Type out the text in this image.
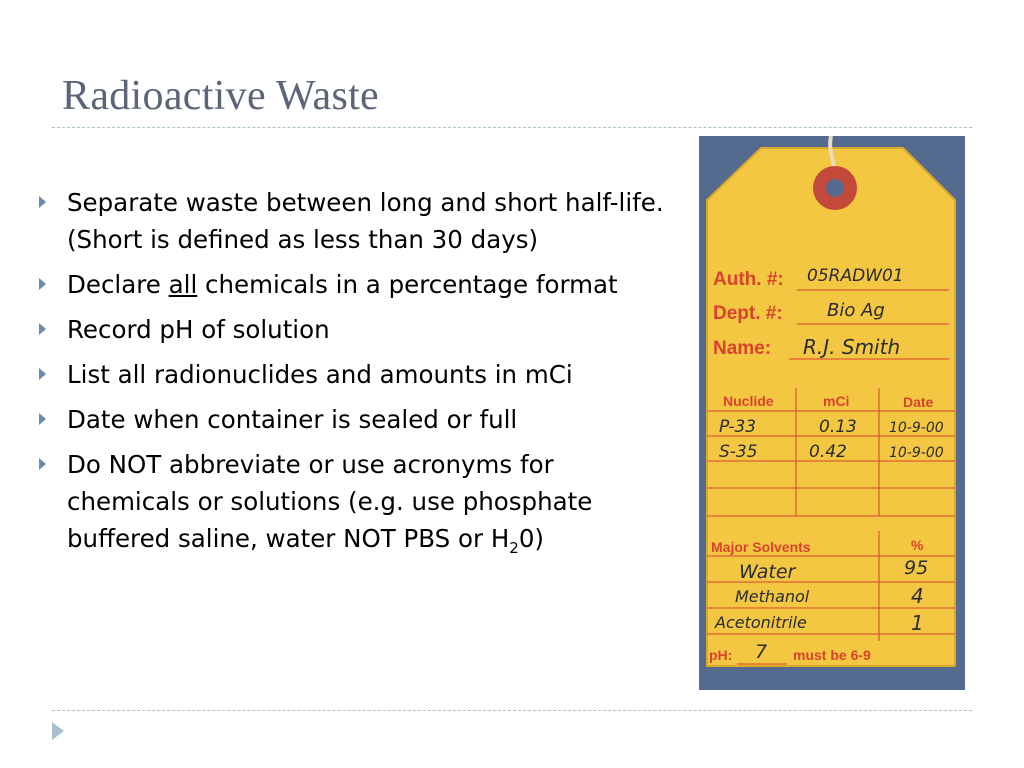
Radioactive Waste
Separate waste between long and short half-life. (Short is defined as less than 30 days)
Declare all chemicals in a percentage format
Record pH of solution
List all radionuclides and amounts in mCi
Date when container is sealed or full
Do NOT abbreviate or use acronyms for chemicals or solutions (e.g. use phosphate buffered saline, water NOT PBS or $H_20$)
Auth. #: 05RADW01
Dept. #: Bio Ag
Name: R.J. Smith
Nuclide	mCi	Date
P-33	0.13 10-9-00
S-35	0.42	10-9-00
Major Solvents	%
Water	95
Methanol	4
Acetonitrile	1
pH: 7 must be 6-9
